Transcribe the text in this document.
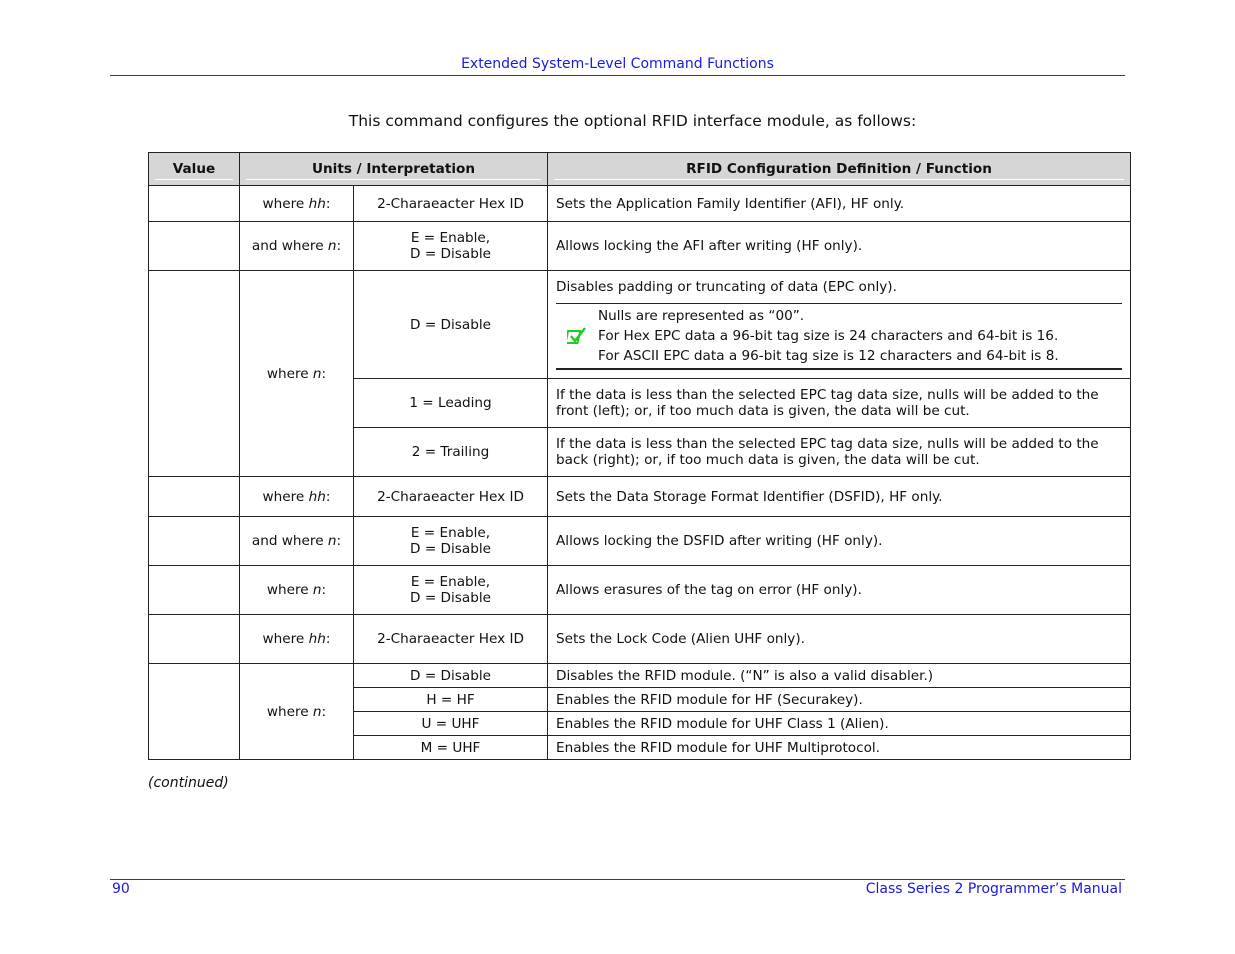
Extended System-Level Command Functions
This command configures the optional RFID interface module, as follows:
Value	Units / Interpretation		RFID Configuration Definition / Function

	where hh:	2-Charaeacter Hex ID	Sets the Application Family Identifier (AFI), HF only.
	and where n:	E = Enable,
D = Disable	Allows locking the AFI after writing (HF only).
	where n:	D = Disable	Disables padding or truncating of data (EPC only).
Nulls are represented as “00”.
For Hex EPC data a 96-bit tag size is 24 characters and 64-bit is 16.
For ASCII EPC data a 96-bit tag size is 12 characters and 64-bit is 8.

		1 = Leading	If the data is less than the selected EPC tag data size, nulls will be added to the front (left); or, if too much data is given, the data will be cut.
		2 = Trailing	If the data is less than the selected EPC tag data size, nulls will be added to the back (right); or, if too much data is given, the data will be cut.
	where hh:	2-Charaeacter Hex ID	Sets the Data Storage Format Identifier (DSFID), HF only.
	and where n:	E = Enable,
D = Disable	Allows locking the DSFID after writing (HF only).
	where n:	E = Enable,
D = Disable	Allows erasures of the tag on error (HF only).
	where hh:	2-Charaeacter Hex ID	Sets the Lock Code (Alien UHF only).
	where n:	D = Disable	Disables the RFID module. (“N” is also a valid disabler.)
		H = HF	Enables the RFID module for HF (Securakey).
		U = UHF	Enables the RFID module for UHF Class 1 (Alien).
		M = UHF	Enables the RFID module for UHF Multiprotocol.
(continued)
90	Class Series 2 Programmer’s Manual
